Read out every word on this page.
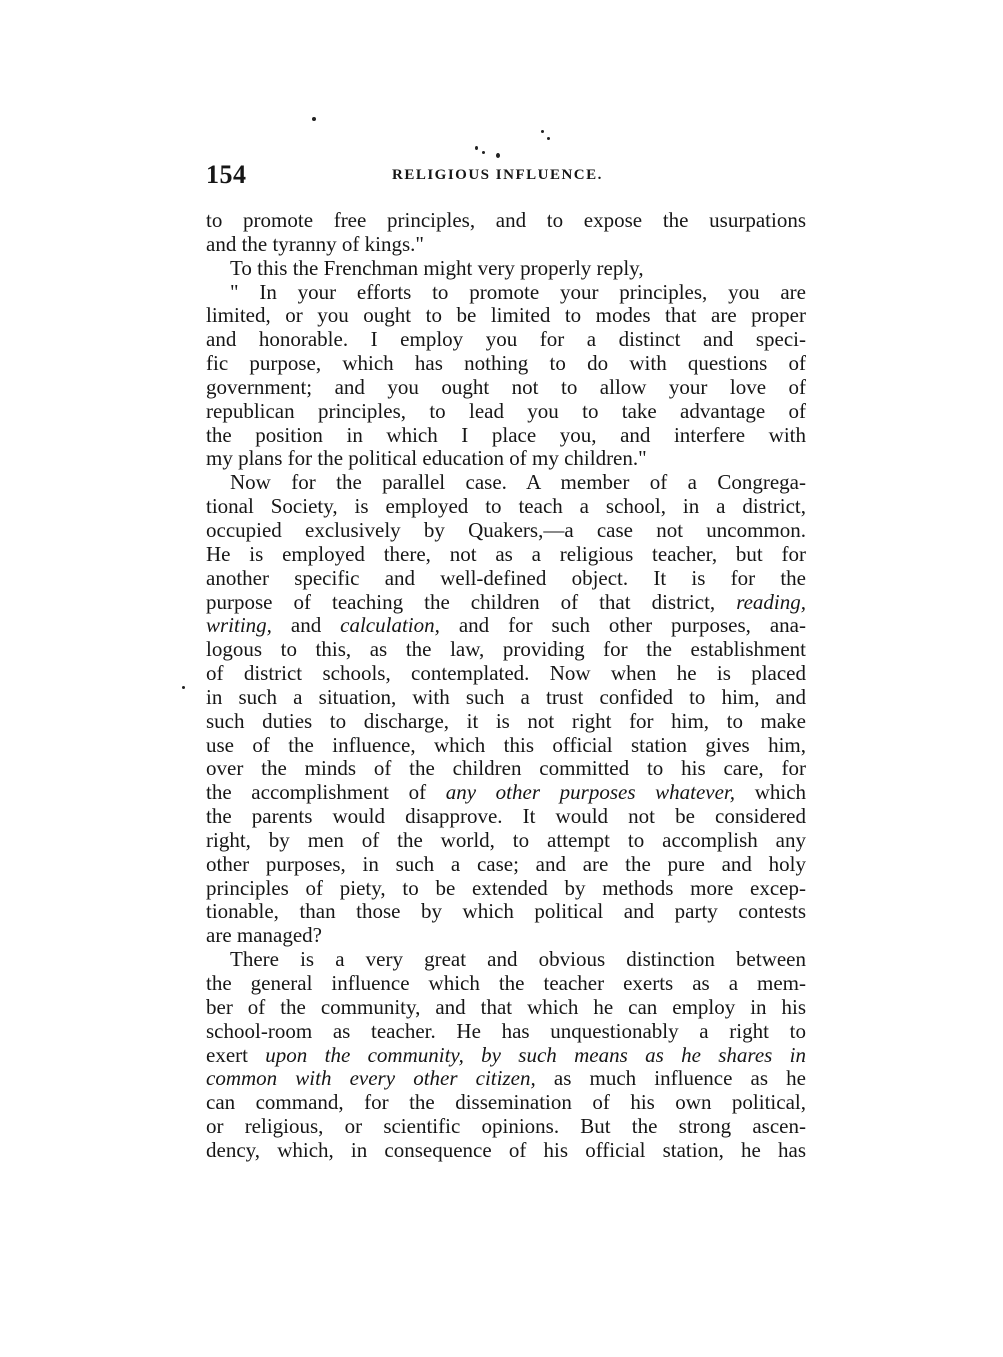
154	RELIGIOUS INFLUENCE.
to promote free principles, and to expose the usurpations
and the tyranny of kings."
To this the Frenchman might very properly reply,
" In your efforts to promote your principles, you are
limited, or you ought to be limited to modes that are proper
and honorable. I employ you for a distinct and speci-
fic purpose, which has nothing to do with questions of
government; and you ought not to allow your love of
republican principles, to lead you to take advantage of
the position in which I place you, and interfere with
my plans for the political education of my children."
Now for the parallel case. A member of a Congrega-
tional Society, is employed to teach a school, in a district,
occupied exclusively by Quakers,—a case not uncommon.
He is employed there, not as a religious teacher, but for
another specific and well-defined object. It is for the
purpose of teaching the children of that district, reading,
writing, and calculation, and for such other purposes, ana-
logous to this, as the law, providing for the establishment
of district schools, contemplated. Now when he is placed
in such a situation, with such a trust confided to him, and
such duties to discharge, it is not right for him, to make
use of the influence, which this official station gives him,
over the minds of the children committed to his care, for
the accomplishment of any other purposes whatever, which
the parents would disapprove. It would not be considered
right, by men of the world, to attempt to accomplish any
other purposes, in such a case; and are the pure and holy
principles of piety, to be extended by methods more excep-
tionable, than those by which political and party contests
are managed?
There is a very great and obvious distinction between
the general influence which the teacher exerts as a mem-
ber of the community, and that which he can employ in his
school-room as teacher. He has unquestionably a right to
exert upon the community, by such means as he shares in
common with every other citizen, as much influence as he
can command, for the dissemination of his own political,
or religious, or scientific opinions. But the strong ascen-
dency, which, in consequence of his official station, he has
